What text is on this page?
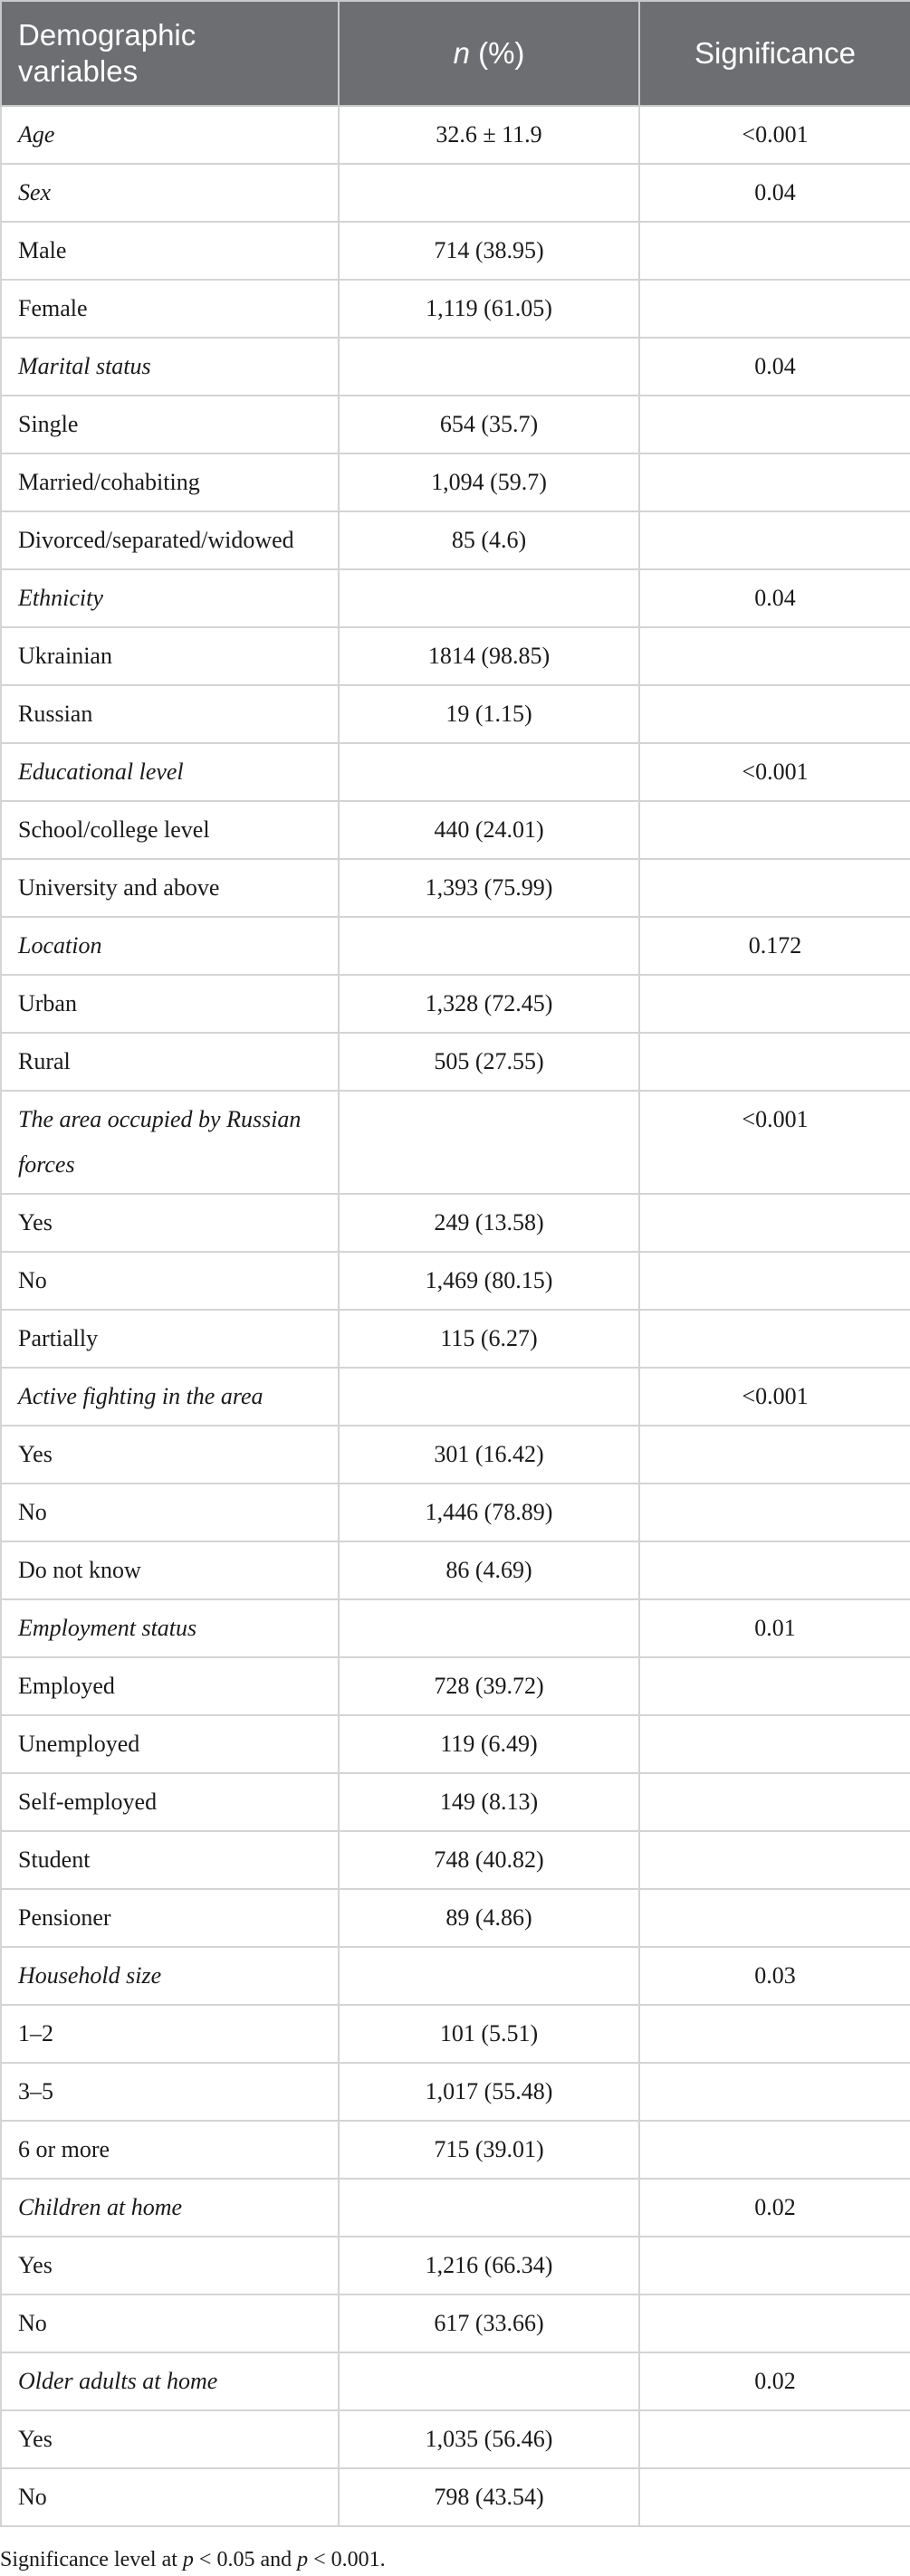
Demographic variables	n (%)	Significance
Age	32.6 ± 11.9	<0.001
Sex		0.04
Male	714 (38.95)	
Female	1,119 (61.05)	
Marital status		0.04
Single	654 (35.7)	
Married/cohabiting	1,094 (59.7)	
Divorced/separated/widowed	85 (4.6)	
Ethnicity		0.04
Ukrainian	1814 (98.85)	
Russian	19 (1.15)	
Educational level		<0.001
School/college level	440 (24.01)	
University and above	1,393 (75.99)	
Location		0.172
Urban	1,328 (72.45)	
Rural	505 (27.55)	
The area occupied by Russian forces		<0.001
Yes	249 (13.58)	
No	1,469 (80.15)	
Partially	115 (6.27)	
Active fighting in the area		<0.001
Yes	301 (16.42)	
No	1,446 (78.89)	
Do not know	86 (4.69)	
Employment status		0.01
Employed	728 (39.72)	
Unemployed	119 (6.49)	
Self-employed	149 (8.13)	
Student	748 (40.82)	
Pensioner	89 (4.86)	
Household size		0.03
1–2	101 (5.51)	
3–5	1,017 (55.48)	
6 or more	715 (39.01)	
Children at home		0.02
Yes	1,216 (66.34)	
No	617 (33.66)	
Older adults at home		0.02
Yes	1,035 (56.46)	
No	798 (43.54)	
Significance level at p < 0.05 and p < 0.001.
